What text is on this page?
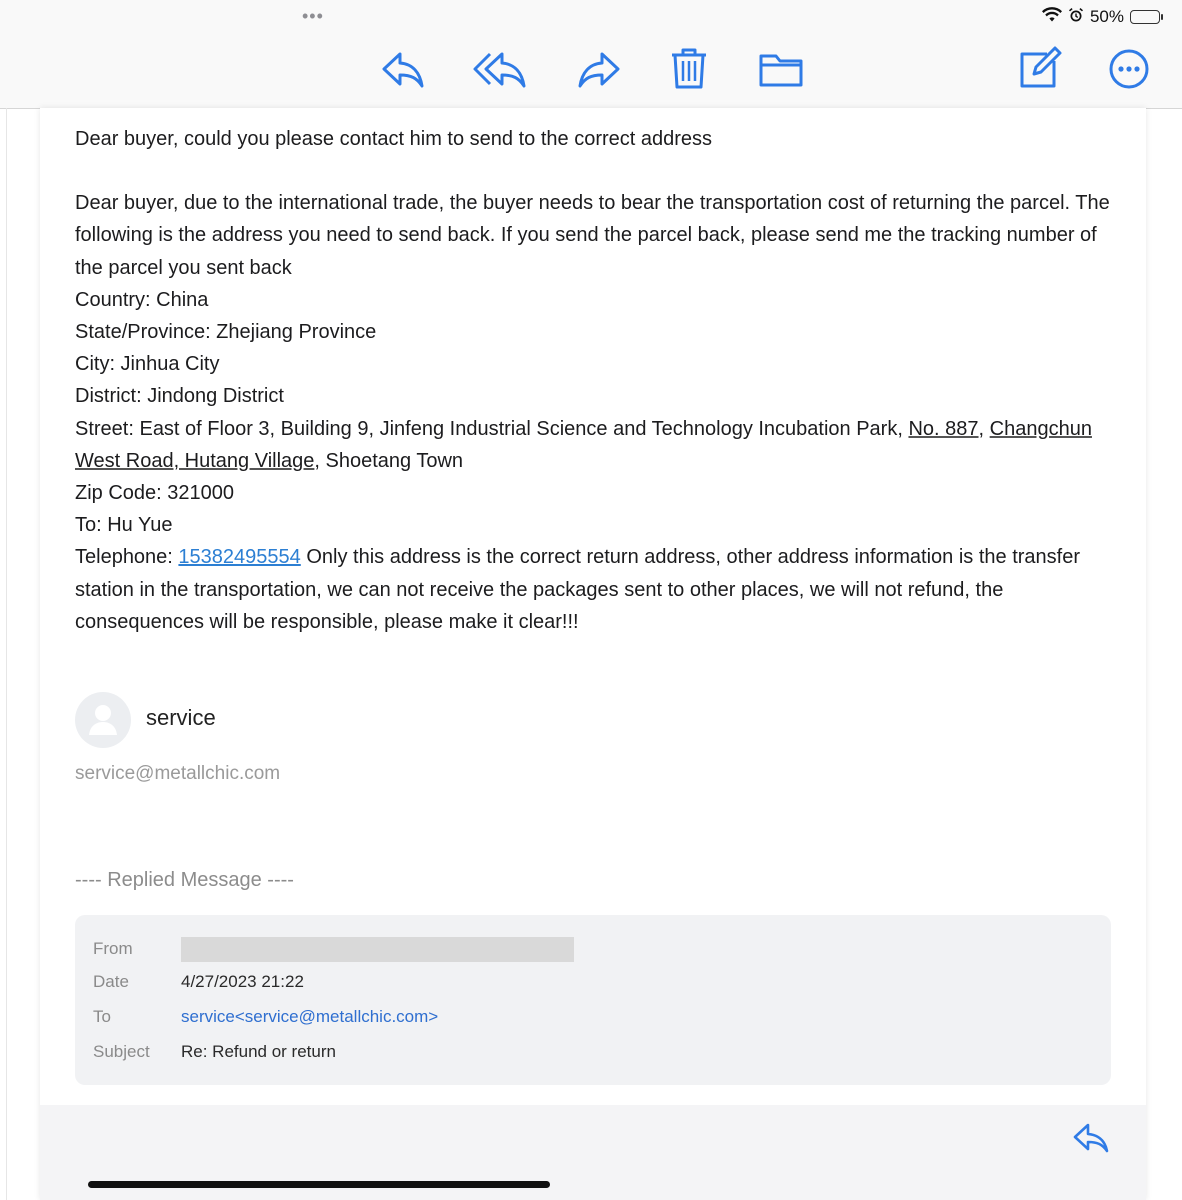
•••	50%

Dear buyer, could you please contact him to send to the correct address

Dear buyer, due to the international trade, the buyer needs to bear the transportation cost of returning the parcel. The following is the address you need to send back. If you send the parcel back, please send me the tracking number of the parcel you sent back

Country: China

State/Province: Zhejiang Province

City: Jinhua City

District: Jindong District

Street: East of Floor 3, Building 9, Jinfeng Industrial Science and Technology Incubation Park, No. 887, Changchun West Road, Hutang Village, Shoetang Town

Zip Code: 321000

To: Hu Yue

Telephone: 15382495554 Only this address is the correct return address, other address information is the transfer station in the transportation, we can not receive the packages sent to other places, we will not refund, the consequences will be responsible, please make it clear!!!

service
service@metallchic.com
---- Replied Message ----
From
Date	4/27/2023 21:22
To	service<service@metallchic.com>
Subject Re: Refund or return
